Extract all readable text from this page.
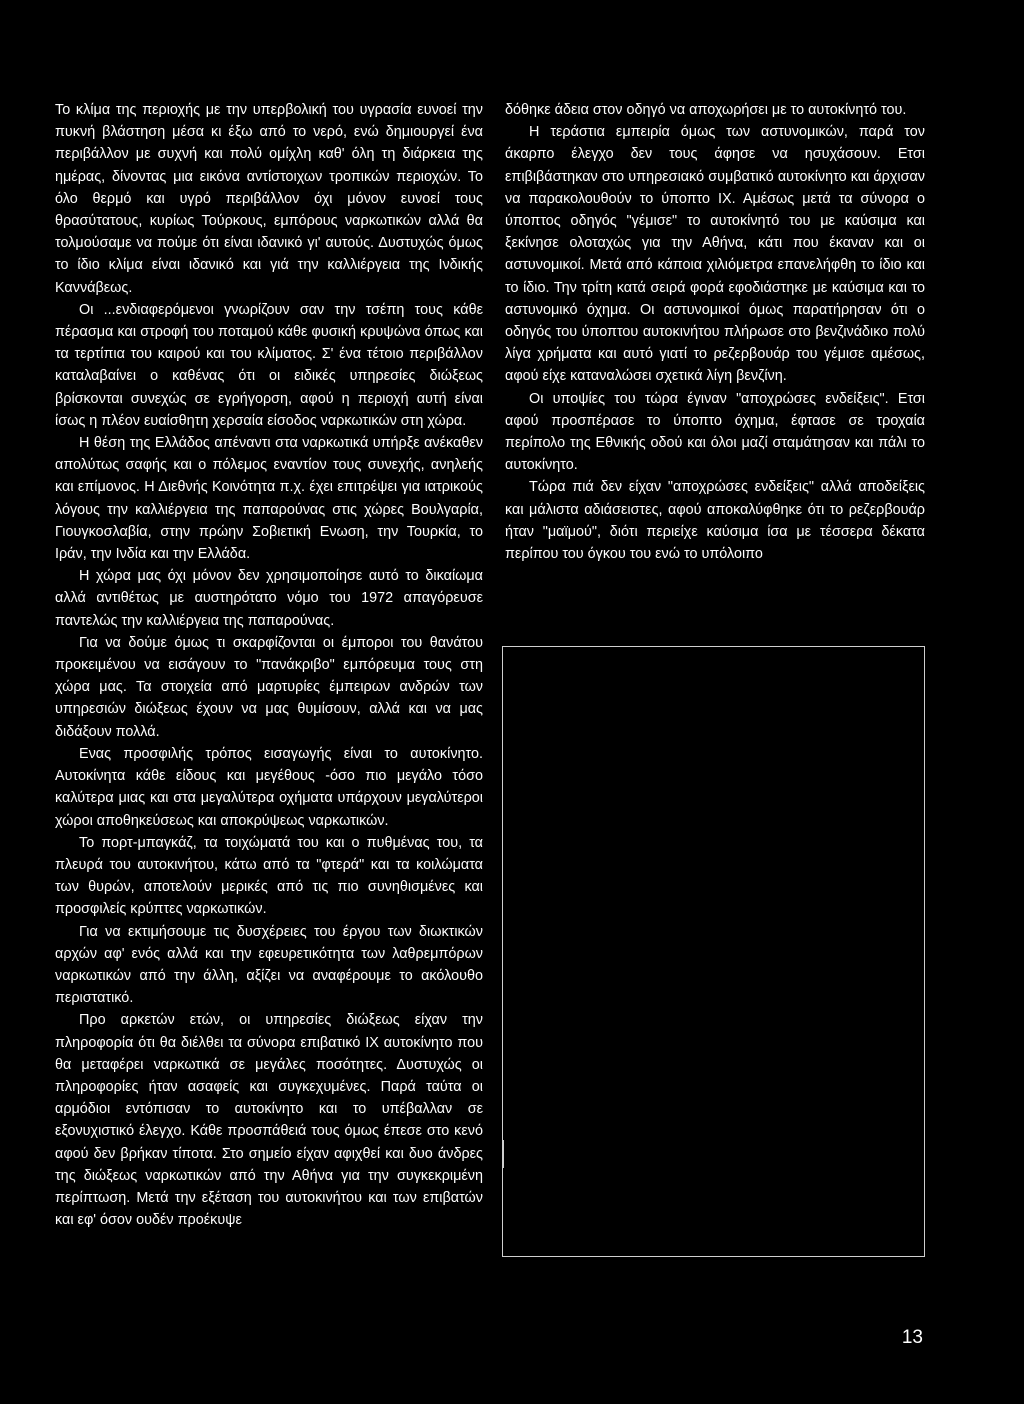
Το κλίμα της περιοχής με την υπερβολική του υγρασία ευνοεί την πυκνή βλάστηση μέσα κι έξω από το νερό, ενώ δημιουργεί ένα περιβάλλον με συχνή και πολύ ομίχλη καθ' όλη τη διάρκεια της ημέρας, δίνοντας μια εικόνα αντίστοιχων τροπικών περιοχών. Το όλο θερμό και υγρό περιβάλλον όχι μόνον ευνοεί τους θρασύτατους, κυρίως Τούρκους, εμπόρους ναρκωτικών αλλά θα τολμούσαμε να πούμε ότι είναι ιδανικό γι' αυτούς. Δυστυχώς όμως το ίδιο κλίμα είναι ιδανικό και γιά την καλλιέργεια της Ινδικής Καννάβεως.

Οι ...ενδιαφερόμενοι γνωρίζουν σαν την τσέπη τους κάθε πέρασμα και στροφή του ποταμού κάθε φυσική κρυψώνα όπως και τα τερτίπια του καιρού και του κλίματος. Σ' ένα τέτοιο περιβάλλον καταλαβαίνει ο καθένας ότι οι ειδικές υπηρεσίες διώξεως βρίσκονται συνεχώς σε εγρήγορση, αφού η περιοχή αυτή είναι ίσως η πλέον ευαίσθητη χερσαία είσοδος ναρκωτικών στη χώρα.

Η θέση της Ελλάδος απέναντι στα ναρκωτικά υπήρξε ανέκαθεν απολύτως σαφής και ο πόλεμος εναντίον τους συνεχής, ανηλεής και επίμονος. Η Διεθνής Κοινότητα π.χ. έχει επιτρέψει για ιατρικούς λόγους την καλλιέργεια της παπαρούνας στις χώρες Βουλγαρία, Γιουγκοσλαβία, στην πρώην Σοβιετική Ενωση, την Τουρκία, το Ιράν, την Ινδία και την Ελλάδα.

Η χώρα μας όχι μόνον δεν χρησιμοποίησε αυτό το δικαίωμα αλλά αντιθέτως με αυστηρότατο νόμο του 1972 απαγόρευσε παντελώς την καλλιέργεια της παπαρούνας.

Για να δούμε όμως τι σκαρφίζονται οι έμποροι του θανάτου προκειμένου να εισάγουν το "πανάκριβο" εμπόρευμα τους στη χώρα μας. Τα στοιχεία από μαρτυρίες έμπειρων ανδρών των υπηρεσιών διώξεως έχουν να μας θυμίσουν, αλλά και να μας διδάξουν πολλά.

Ενας προσφιλής τρόπος εισαγωγής είναι το αυτοκίνητο. Αυτοκίνητα κάθε είδους και μεγέθους -όσο πιο μεγάλο τόσο καλύτερα μιας και στα μεγαλύτερα οχήματα υπάρχουν μεγαλύτεροι χώροι αποθηκεύσεως και αποκρύψεως ναρκωτικών.

Το πορτ-μπαγκάζ, τα τοιχώματά του και ο πυθμένας του, τα πλευρά του αυτοκινήτου, κάτω από τα "φτερά" και τα κοιλώματα των θυρών, αποτελούν μερικές από τις πιο συνηθισμένες και προσφιλείς κρύπτες ναρκωτικών.

Για να εκτιμήσουμε τις δυσχέρειες του έργου των διωκτικών αρχών αφ' ενός αλλά και την εφευρετικότητα των λαθρεμπόρων ναρκωτικών από την άλλη, αξίζει να αναφέρουμε το ακόλουθο περιστατικό.

Προ αρκετών ετών, οι υπηρεσίες διώξεως είχαν την πληροφορία ότι θα διέλθει τα σύνορα επιβατικό ΙΧ αυτοκίνητο που θα μεταφέρει ναρκωτικά σε μεγάλες ποσότητες. Δυστυχώς οι πληροφορίες ήταν ασαφείς και συγκεχυμένες. Παρά ταύτα οι αρμόδιοι εντόπισαν το αυτοκίνητο και το υπέβαλλαν σε εξονυχιστικό έλεγχο. Κάθε προσπάθειά τους όμως έπεσε στο κενό αφού δεν βρήκαν τίποτα. Στο σημείο είχαν αφιχθεί και δυο άνδρες της διώξεως ναρκωτικών από την Αθήνα για την συγκεκριμένη περίπτωση. Μετά την εξέταση του αυτοκινήτου και των επιβατών και εφ' όσον ουδέν προέκυψε

δόθηκε άδεια στον οδηγό να αποχωρήσει με το αυτοκίνητό του.

Η τεράστια εμπειρία όμως των αστυνομικών, παρά τον άκαρπο έλεγχο δεν τους άφησε να ησυχάσουν. Ετσι επιβιβάστηκαν στο υπηρεσιακό συμβατικό αυτοκίνητο και άρχισαν να παρακολουθούν το ύποπτο ΙΧ. Αμέσως μετά τα σύνορα ο ύποπτος οδηγός "γέμισε" το αυτοκίνητό του με καύσιμα και ξεκίνησε ολοταχώς για την Αθήνα, κάτι που έκαναν και οι αστυνομικοί. Μετά από κάποια χιλιόμετρα επανελήφθη το ίδιο και το ίδιο. Την τρίτη κατά σειρά φορά εφοδιάστηκε με καύσιμα και το αστυνομικό όχημα. Οι αστυνομικοί όμως παρατήρησαν ότι ο οδηγός του ύποπτου αυτοκινήτου πλήρωσε στο βενζινάδικο πολύ λίγα χρήματα και αυτό γιατί το ρεζερβουάρ του γέμισε αμέσως, αφού είχε καταναλώσει σχετικά λίγη βενζίνη.

Οι υποψίες του τώρα έγιναν "αποχρώσες ενδείξεις". Ετσι αφού προσπέρασε το ύποπτο όχημα, έφτασε σε τροχαία περίπολο της Εθνικής οδού και όλοι μαζί σταμάτησαν και πάλι το αυτοκίνητο.

Τώρα πιά δεν είχαν "αποχρώσες ενδείξεις" αλλά αποδείξεις και μάλιστα αδιάσειστες, αφού αποκαλύφθηκε ότι το ρεζερβουάρ ήταν "μαϊμού", διότι περιείχε καύσιμα ίσα με τέσσερα δέκατα περίπου του όγκου του ενώ το υπόλοιπο

13
